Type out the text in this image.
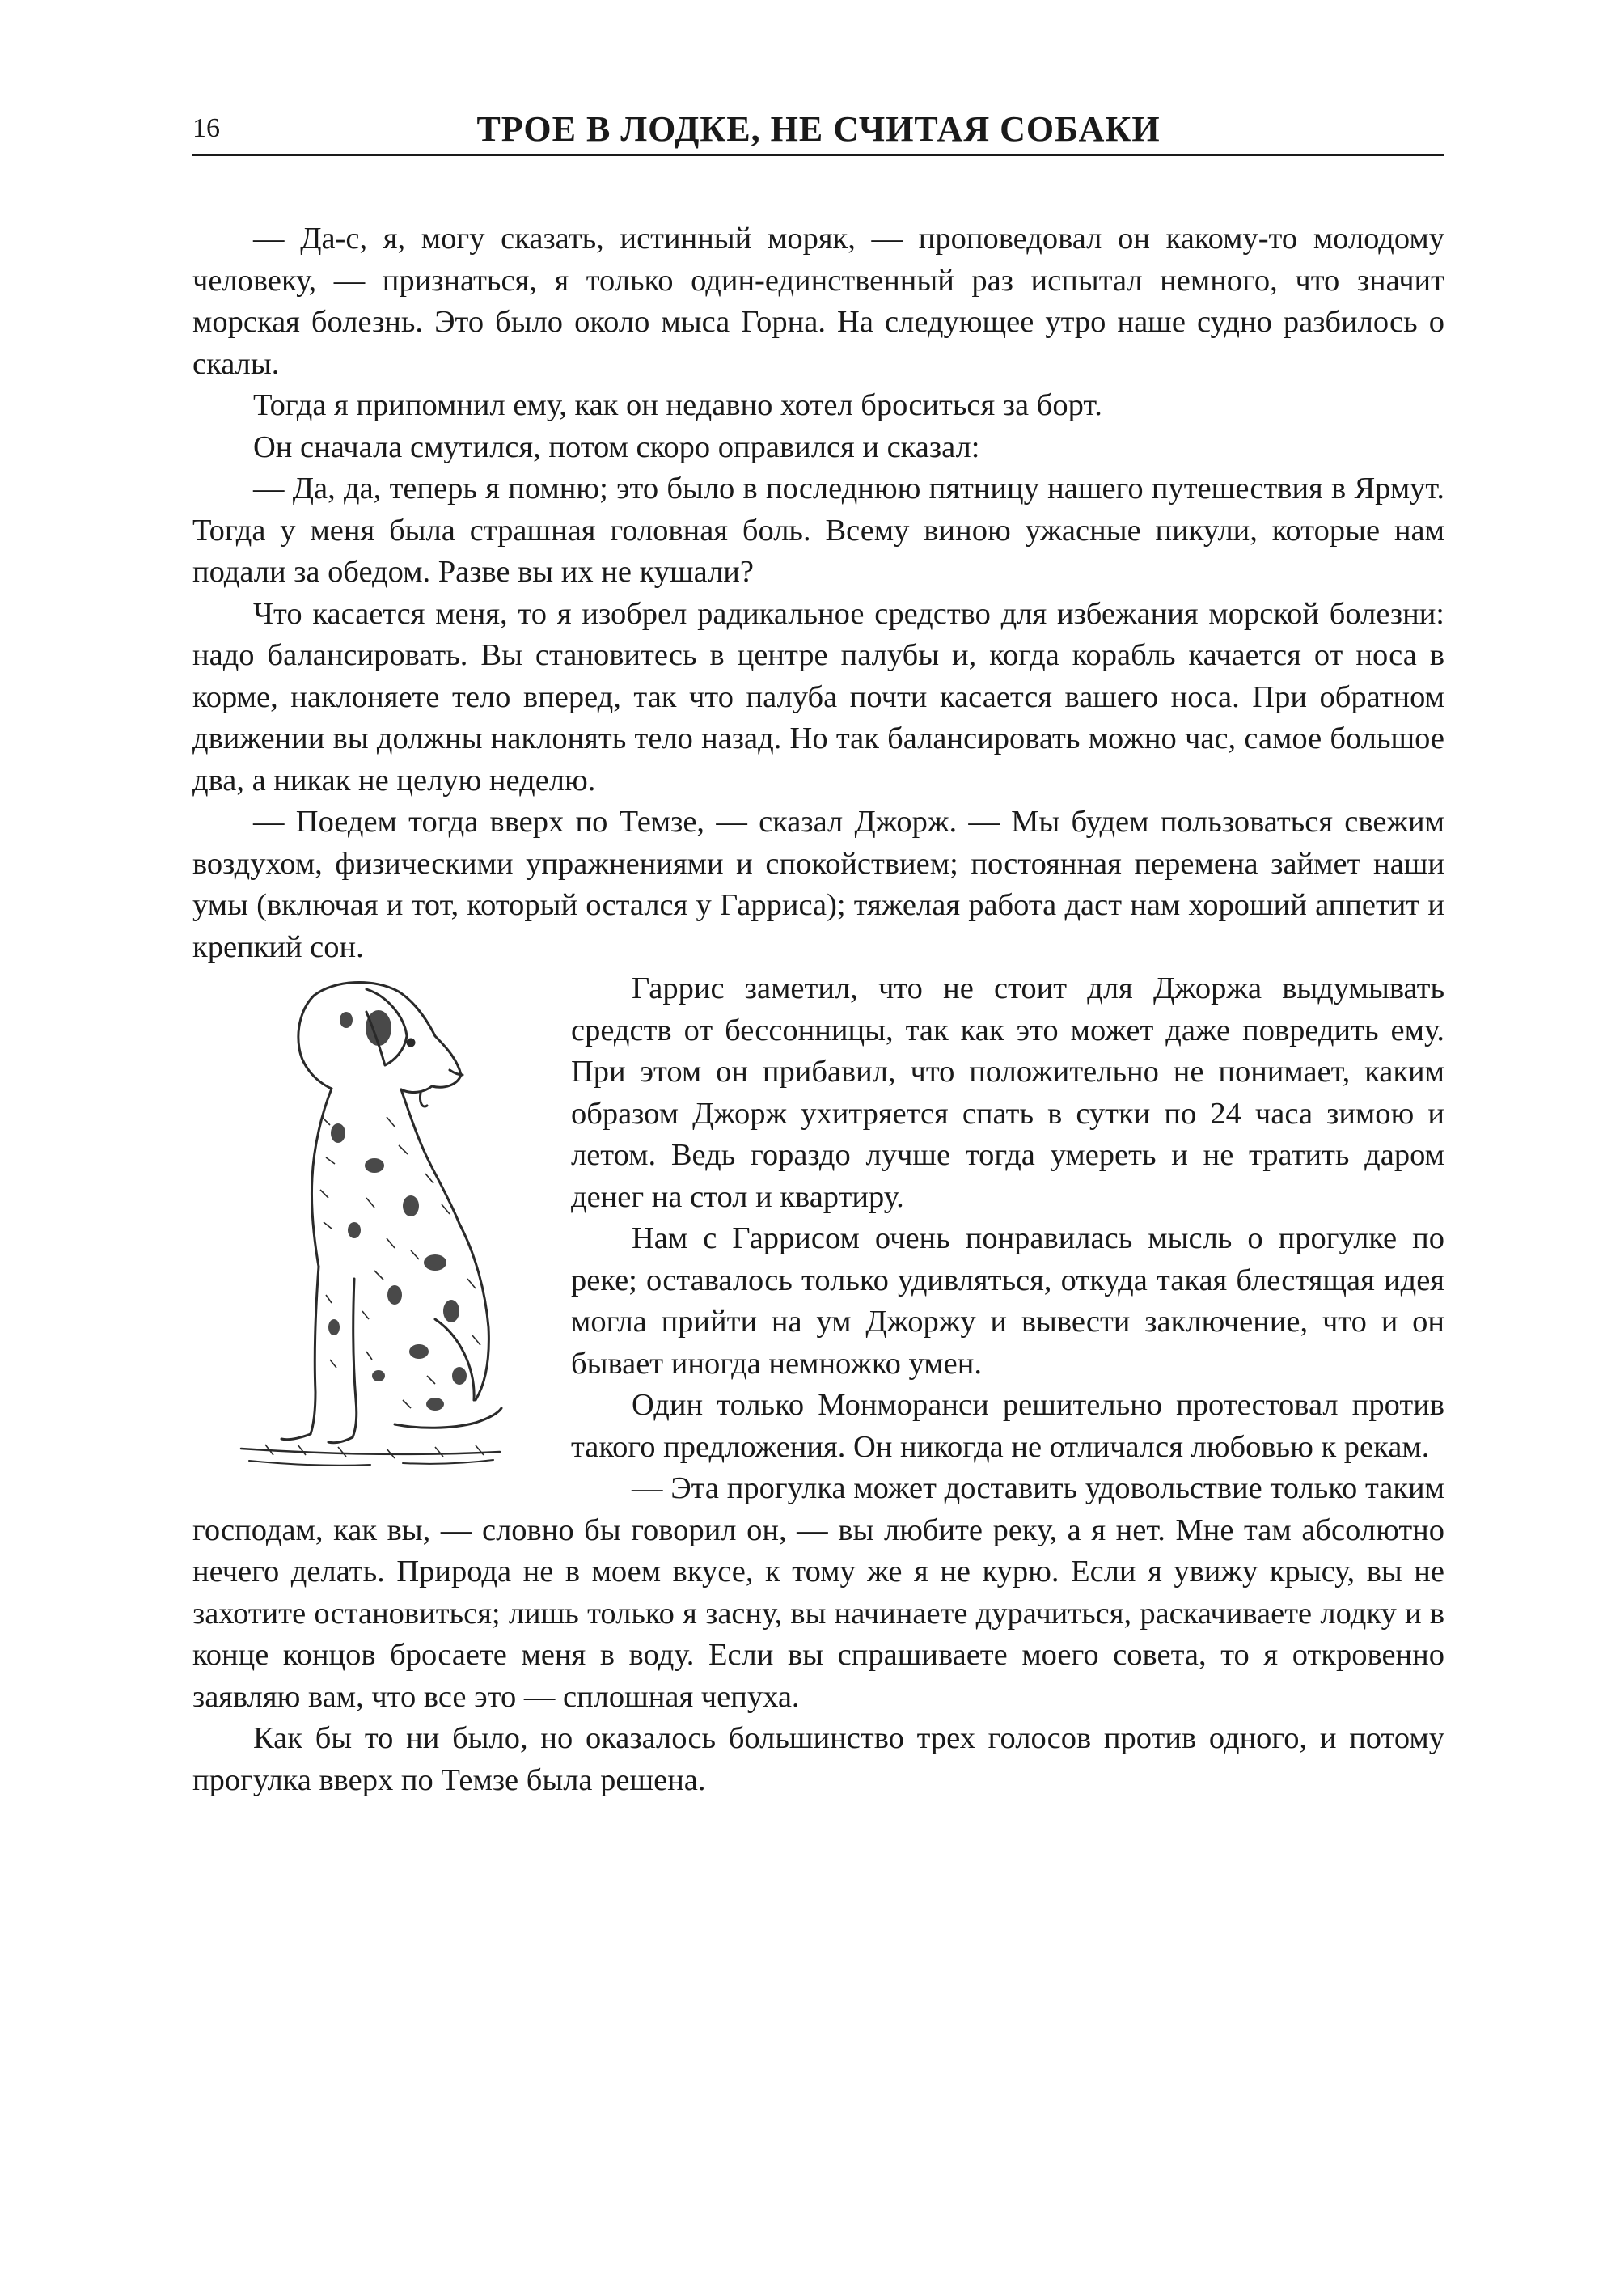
16	ТРОЕ В ЛОДКЕ, НЕ СЧИТАЯ СОБАКИ

— Да-с, я, могу сказать, истинный моряк, — проповедовал он какому-то молодому человеку, — признаться, я только один-единственный раз испытал немного, что значит морская болезнь. Это было около мыса Горна. На следующее утро наше судно разбилось о скалы.

Тогда я припомнил ему, как он недавно хотел броситься за борт.

Он сначала смутился, потом скоро оправился и сказал:

— Да, да, теперь я помню; это было в последнюю пятницу нашего путешествия в Ярмут. Тогда у меня была страшная головная боль. Всему виною ужасные пикули, которые нам подали за обедом. Разве вы их не кушали?

Что касается меня, то я изобрел радикальное средство для избежания морской болезни: надо балансировать. Вы становитесь в центре палубы и, когда корабль качается от носа в корме, наклоняете тело вперед, так что палуба почти касается вашего носа. При обратном движении вы должны наклонять тело назад. Но так балансировать можно час, самое большое два, а никак не целую неделю.

— Поедем тогда вверх по Темзе, — сказал Джорж. — Мы будем пользоваться свежим воздухом, физическими упражнениями и спокойствием; постоянная перемена займет наши умы (включая и тот, который остался у Гарриса); тяжелая работа даст нам хороший аппетит и крепкий сон.

Гаррис заметил, что не стоит для Джоржа выдумывать средств от бессонницы, так как это может даже повредить ему. При этом он прибавил, что положительно не понимает, каким образом Джорж ухитряется спать в сутки по 24 часа зимою и летом. Ведь гораздо лучше тогда умереть и не тратить даром денег на стол и квартиру.

Нам с Гаррисом очень понравилась мысль о прогулке по реке; оставалось только удивляться, откуда такая блестящая идея могла прийти на ум Джоржу и вывести заключение, что и он бывает иногда немножко умен.

Один только Монморанси решительно протестовал против такого предложения. Он никогда не отличался любовью к рекам.

— Эта прогулка может доставить удовольствие только таким господам, как вы, — словно бы говорил он, — вы любите реку, а я нет. Мне там абсолютно нечего делать. Природа не в моем вкусе, к тому же я не курю. Если я увижу крысу, вы не захотите остановиться; лишь только я засну, вы начинаете дурачиться, раскачиваете лодку и в конце концов бросаете меня в воду. Если вы спрашиваете моего совета, то я откровенно заявляю вам, что все это — сплошная чепуха.

Как бы то ни было, но оказалось большинство трех голосов против одного, и потому прогулка вверх по Темзе была решена.
